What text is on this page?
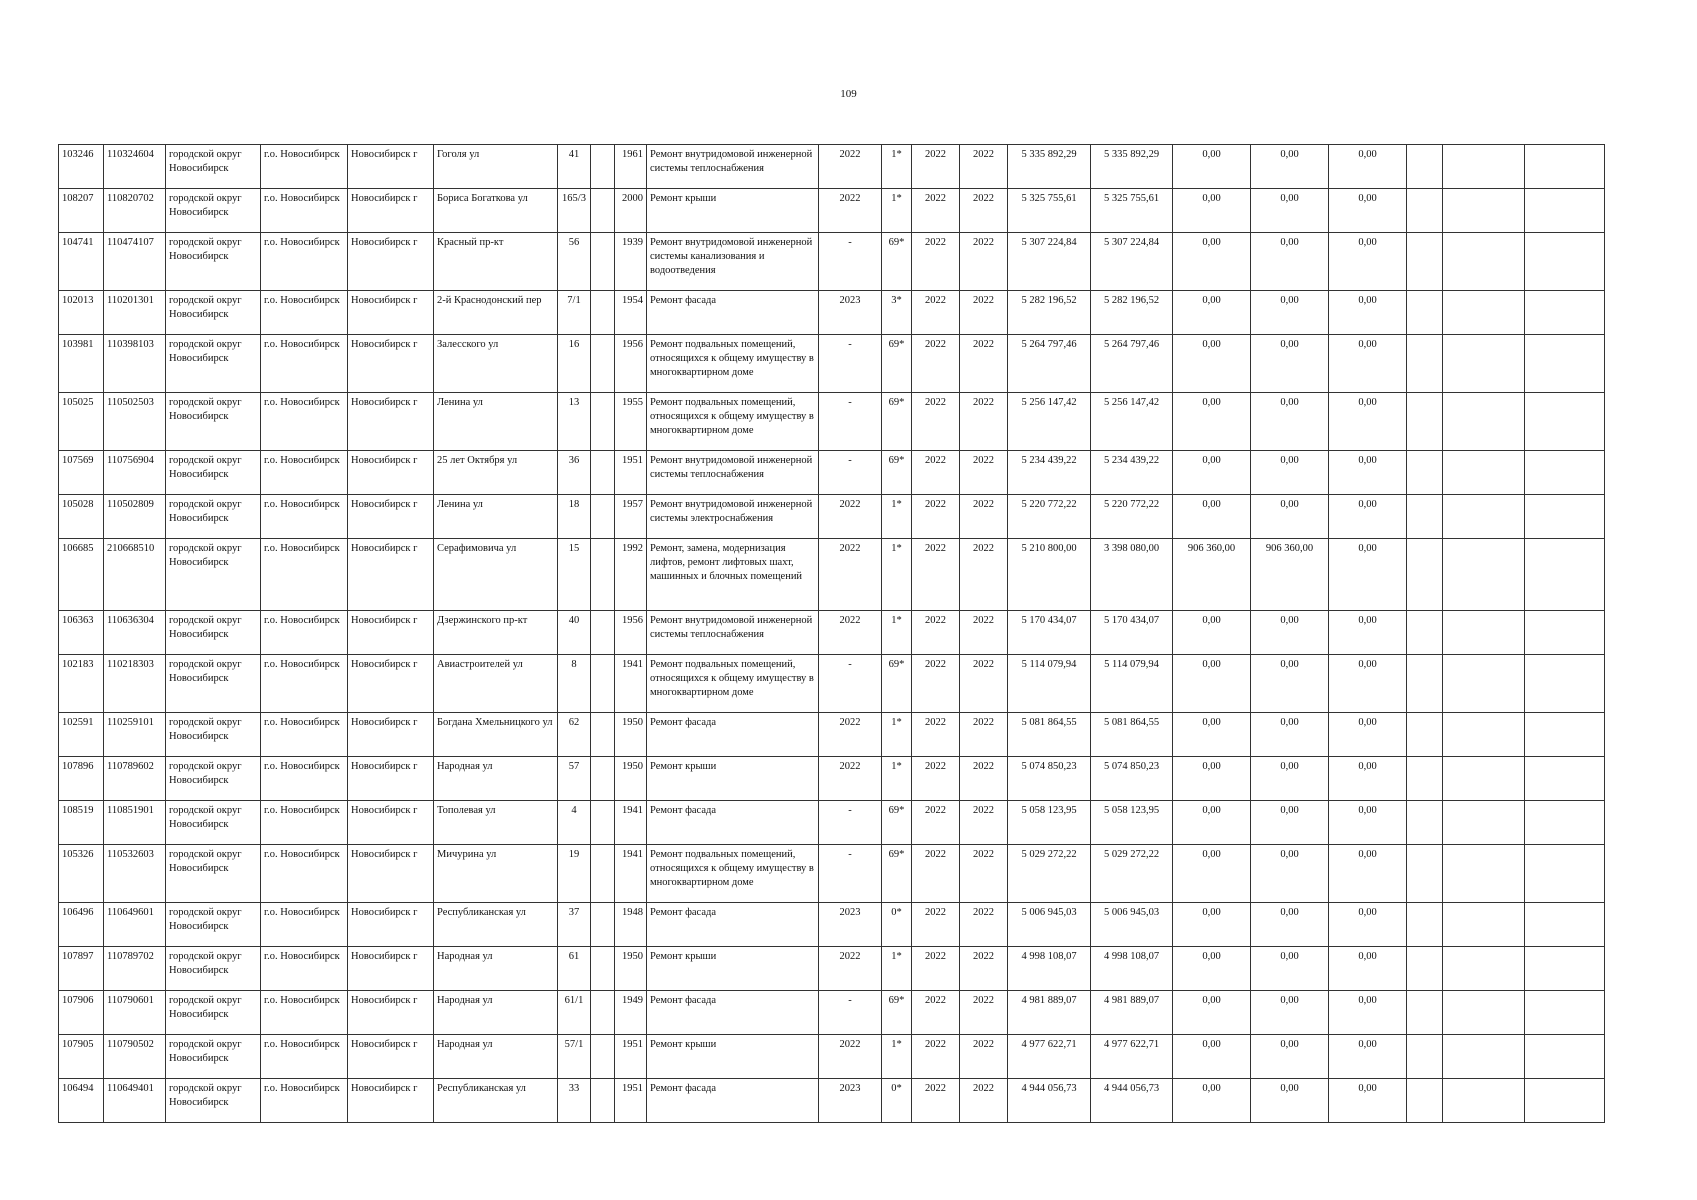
109
103246	110324604	городской округ Новосибирск	г.о. Новосибирск	Новосибирск г	Гоголя ул	41		1961	Ремонт внутридомовой инженерной системы теплоснабжения	2022	1*	2022	2022	5 335 892,29	5 335 892,29	0,00	0,00	0,00			
108207	110820702	городской округ Новосибирск	г.о. Новосибирск	Новосибирск г	Бориса Богаткова ул	165/3		2000	Ремонт крыши	2022	1*	2022	2022	5 325 755,61	5 325 755,61	0,00	0,00	0,00			
104741	110474107	городской округ Новосибирск	г.о. Новосибирск	Новосибирск г	Красный пр-кт	56		1939	Ремонт внутридомовой инженерной системы канализования и водоотведения	-	69*	2022	2022	5 307 224,84	5 307 224,84	0,00	0,00	0,00			
102013	110201301	городской округ Новосибирск	г.о. Новосибирск	Новосибирск г	2-й Краснодонский пер	7/1		1954	Ремонт фасада	2023	3*	2022	2022	5 282 196,52	5 282 196,52	0,00	0,00	0,00			
103981	110398103	городской округ Новосибирск	г.о. Новосибирск	Новосибирск г	Залесского ул	16		1956	Ремонт подвальных помещений, относящихся к общему имуществу в многоквартирном доме	-	69*	2022	2022	5 264 797,46	5 264 797,46	0,00	0,00	0,00			
105025	110502503	городской округ Новосибирск	г.о. Новосибирск	Новосибирск г	Ленина ул	13		1955	Ремонт подвальных помещений, относящихся к общему имуществу в многоквартирном доме	-	69*	2022	2022	5 256 147,42	5 256 147,42	0,00	0,00	0,00			
107569	110756904	городской округ Новосибирск	г.о. Новосибирск	Новосибирск г	25 лет Октября ул	36		1951	Ремонт внутридомовой инженерной системы теплоснабжения	-	69*	2022	2022	5 234 439,22	5 234 439,22	0,00	0,00	0,00			
105028	110502809	городской округ Новосибирск	г.о. Новосибирск	Новосибирск г	Ленина ул	18		1957	Ремонт внутридомовой инженерной системы электроснабжения	2022	1*	2022	2022	5 220 772,22	5 220 772,22	0,00	0,00	0,00			
106685	210668510	городской округ Новосибирск	г.о. Новосибирск	Новосибирск г	Серафимовича ул	15		1992	Ремонт, замена, модернизация лифтов, ремонт лифтовых шахт, машинных и блочных помещений	2022	1*	2022	2022	5 210 800,00	3 398 080,00	906 360,00	906 360,00	0,00			
106363	110636304	городской округ Новосибирск	г.о. Новосибирск	Новосибирск г	Дзержинского пр-кт	40		1956	Ремонт внутридомовой инженерной системы теплоснабжения	2022	1*	2022	2022	5 170 434,07	5 170 434,07	0,00	0,00	0,00			
102183	110218303	городской округ Новосибирск	г.о. Новосибирск	Новосибирск г	Авиастроителей ул	8		1941	Ремонт подвальных помещений, относящихся к общему имуществу в многоквартирном доме	-	69*	2022	2022	5 114 079,94	5 114 079,94	0,00	0,00	0,00			
102591	110259101	городской округ Новосибирск	г.о. Новосибирск	Новосибирск г	Богдана Хмельницкого ул	62		1950	Ремонт фасада	2022	1*	2022	2022	5 081 864,55	5 081 864,55	0,00	0,00	0,00			
107896	110789602	городской округ Новосибирск	г.о. Новосибирск	Новосибирск г	Народная ул	57		1950	Ремонт крыши	2022	1*	2022	2022	5 074 850,23	5 074 850,23	0,00	0,00	0,00			
108519	110851901	городской округ Новосибирск	г.о. Новосибирск	Новосибирск г	Тополевая ул	4		1941	Ремонт фасада	-	69*	2022	2022	5 058 123,95	5 058 123,95	0,00	0,00	0,00			
105326	110532603	городской округ Новосибирск	г.о. Новосибирск	Новосибирск г	Мичурина ул	19		1941	Ремонт подвальных помещений, относящихся к общему имуществу в многоквартирном доме	-	69*	2022	2022	5 029 272,22	5 029 272,22	0,00	0,00	0,00			
106496	110649601	городской округ Новосибирск	г.о. Новосибирск	Новосибирск г	Республиканская ул	37		1948	Ремонт фасада	2023	0*	2022	2022	5 006 945,03	5 006 945,03	0,00	0,00	0,00			
107897	110789702	городской округ Новосибирск	г.о. Новосибирск	Новосибирск г	Народная ул	61		1950	Ремонт крыши	2022	1*	2022	2022	4 998 108,07	4 998 108,07	0,00	0,00	0,00			
107906	110790601	городской округ Новосибирск	г.о. Новосибирск	Новосибирск г	Народная ул	61/1		1949	Ремонт фасада	-	69*	2022	2022	4 981 889,07	4 981 889,07	0,00	0,00	0,00			
107905	110790502	городской округ Новосибирск	г.о. Новосибирск	Новосибирск г	Народная ул	57/1		1951	Ремонт крыши	2022	1*	2022	2022	4 977 622,71	4 977 622,71	0,00	0,00	0,00			
106494	110649401	городской округ Новосибирск	г.о. Новосибирск	Новосибирск г	Республиканская ул	33		1951	Ремонт фасада	2023	0*	2022	2022	4 944 056,73	4 944 056,73	0,00	0,00	0,00			
